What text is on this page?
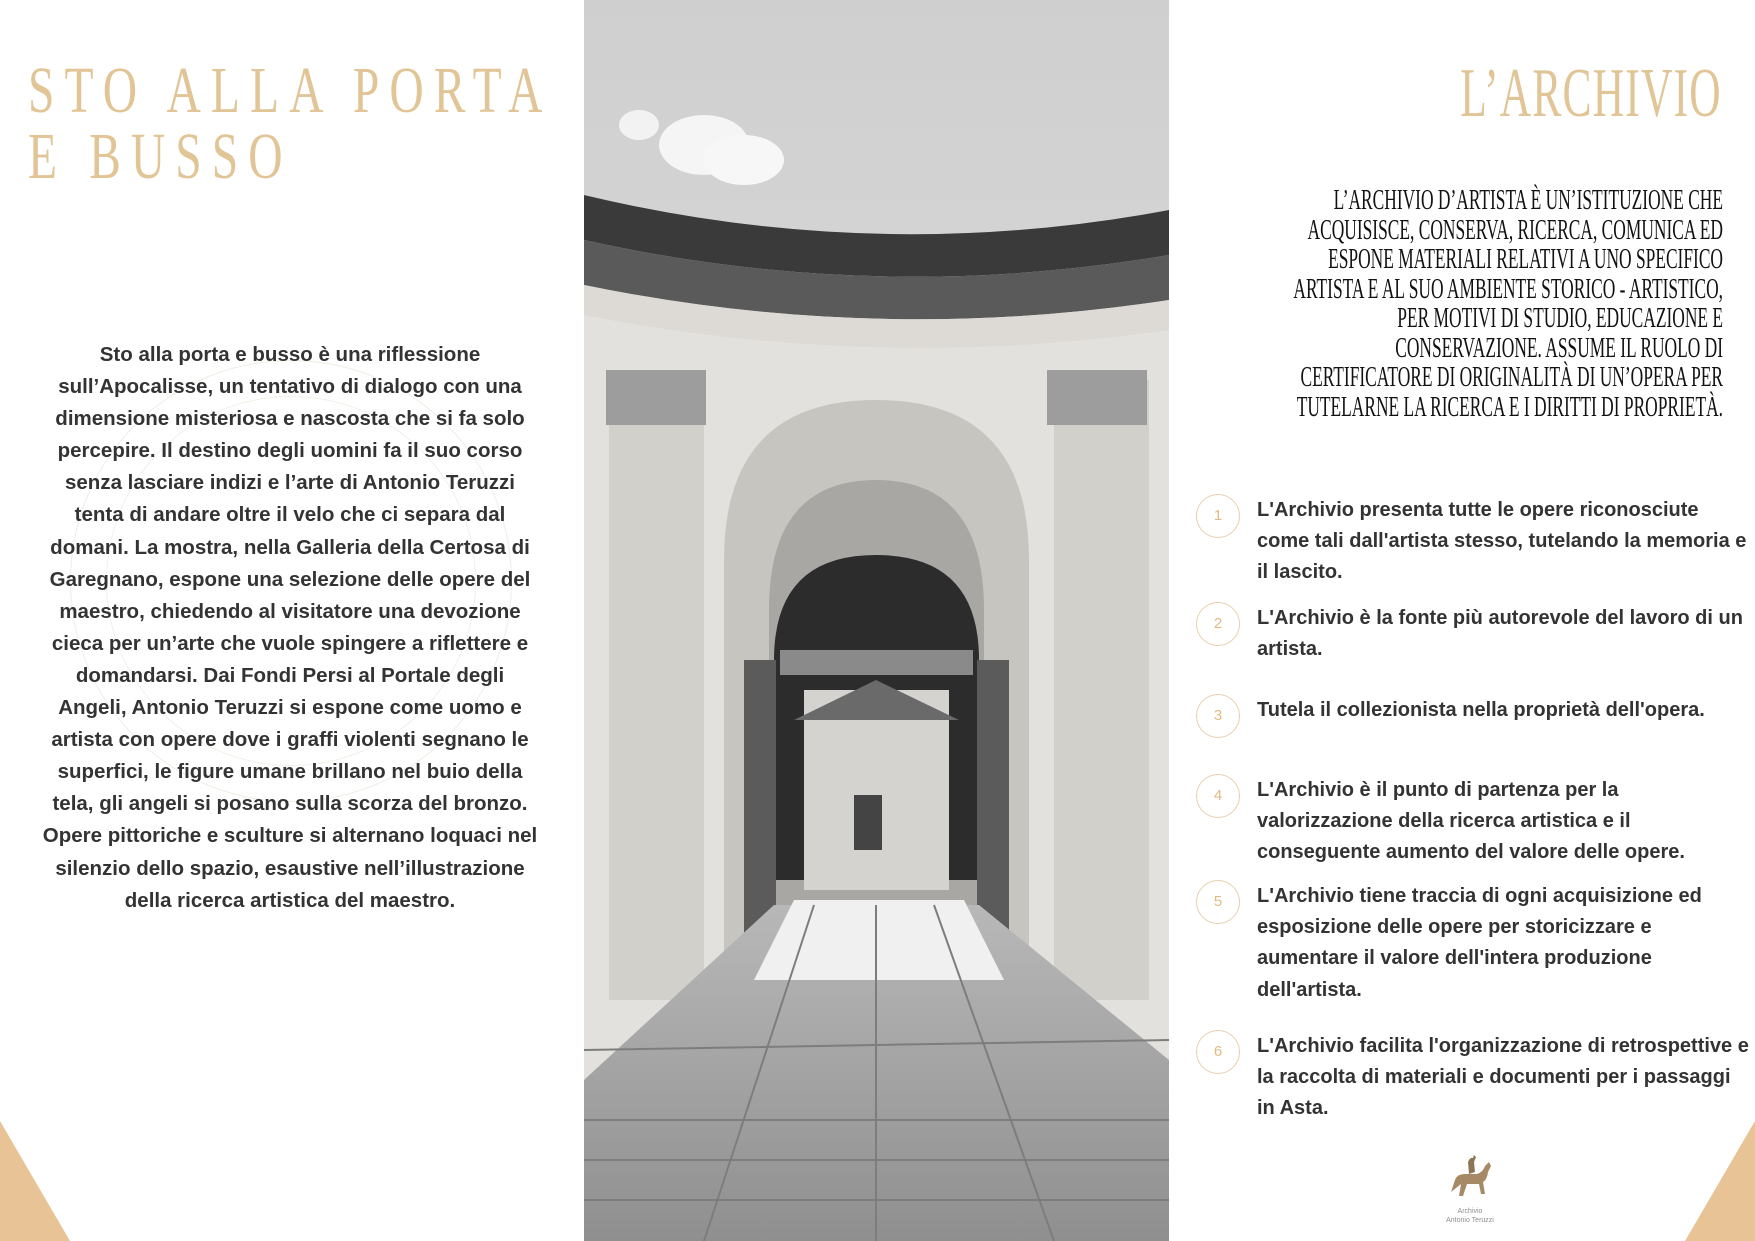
STO ALLA PORTA
E BUSSO
Sto alla porta e busso è una riflessione sull’Apocalisse, un tentativo di dialogo con una dimensione misteriosa e nascosta che si fa solo percepire. Il destino degli uomini fa il suo corso senza lasciare indizi e l’arte di Antonio Teruzzi tenta di andare oltre il velo che ci separa dal domani. La mostra, nella Galleria della Certosa di Garegnano, espone una selezione delle opere del maestro, chiedendo al visitatore una devozione cieca per un’arte che vuole spingere a riflettere e domandarsi. Dai Fondi Persi al Portale degli Angeli, Antonio Teruzzi si espone come uomo e artista con opere dove i graffi violenti segnano le superfici, le figure umane brillano nel buio della tela, gli angeli si posano sulla scorza del bronzo. Opere pittoriche e sculture si alternano loquaci nel silenzio dello spazio, esaustive nell’illustrazione della ricerca artistica del maestro.
L’ARCHIVIO
L’ARCHIVIO D’ARTISTA È UN’ISTITUZIONE CHE ACQUISISCE, CONSERVA, RICERCA, COMUNICA ED ESPONE MATERIALI RELATIVI A UNO SPECIFICO ARTISTA E AL SUO AMBIENTE STORICO - ARTISTICO, PER MOTIVI DI STUDIO, EDUCAZIONE E CONSERVAZIONE. ASSUME IL RUOLO DI CERTIFICATORE DI ORIGINALITÀ DI UN’OPERA PER TUTELARNE LA RICERCA E I DIRITTI DI PROPRIETÀ.
1	L'Archivio presenta tutte le opere riconosciute come tali dall'artista stesso, tutelando la memoria e il lascito.
2	L'Archivio è la fonte più autorevole del lavoro di un artista.
3	Tutela il collezionista nella proprietà dell'opera.
4	L'Archivio è il punto di partenza per la valorizzazione della ricerca artistica e il conseguente aumento del valore delle opere.
5	L'Archivio tiene traccia di ogni acquisizione ed esposizione delle opere per storicizzare e aumentare il valore dell'intera produzione dell'artista.
6	L'Archivio facilita l'organizzazione di retrospettive e la raccolta di materiali e documenti per i passaggi in Asta.
Archivio
Antonio Teruzzi
